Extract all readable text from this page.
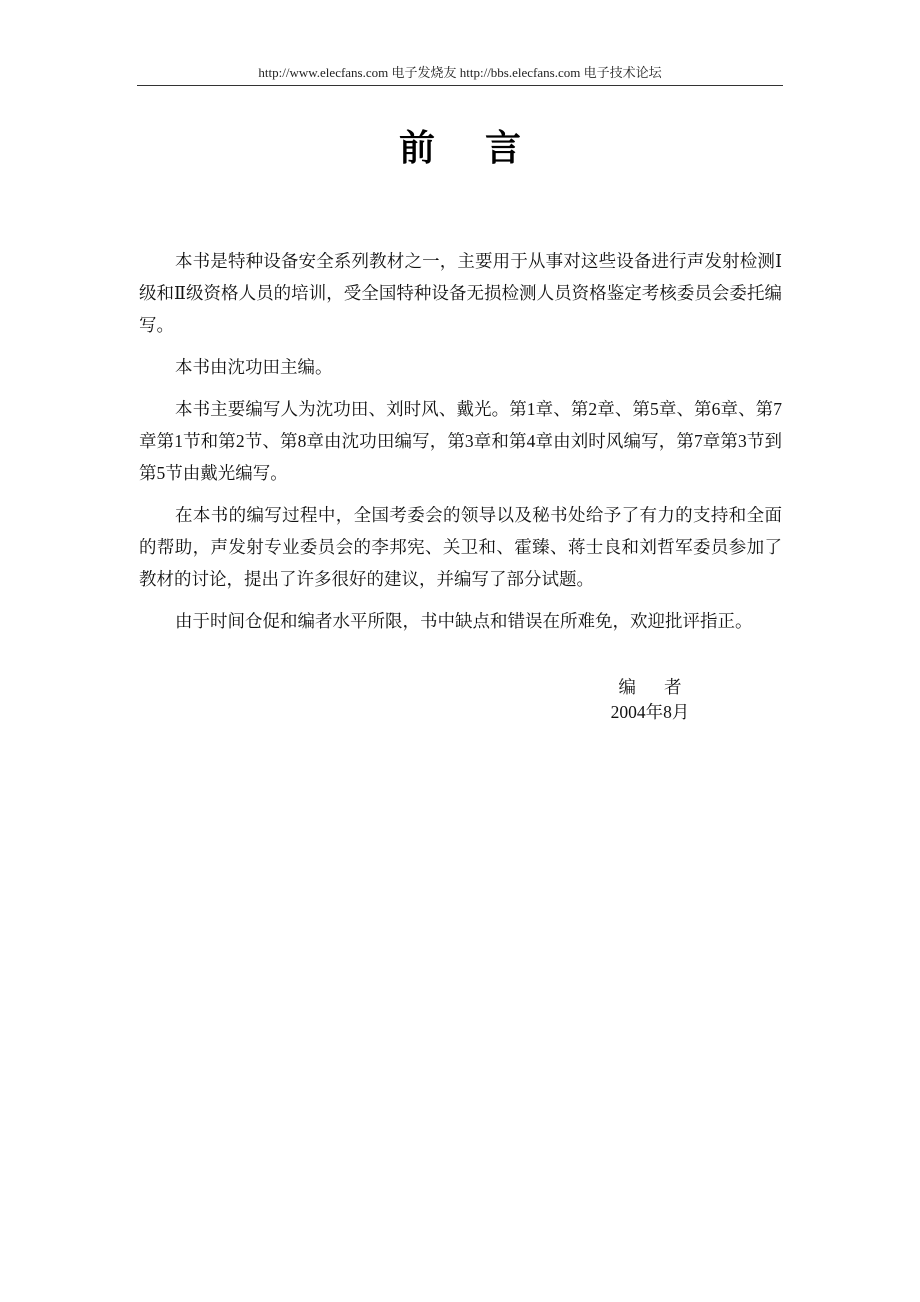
http://www.elecfans.com 电子发烧友 http://bbs.elecfans.com 电子技术论坛
前言

本书是特种设备安全系列教材之一，主要用于从事对这些设备进行声发射检测Ⅰ级和Ⅱ级资格人员的培训，受全国特种设备无损检测人员资格鉴定考核委员会委托编写。

本书由沈功田主编。

本书主要编写人为沈功田、刘时风、戴光。第1章、第2章、第5章、第6章、第7章第1节和第2节、第8章由沈功田编写，第3章和第4章由刘时风编写，第7章第3节到第5节由戴光编写。

在本书的编写过程中，全国考委会的领导以及秘书处给予了有力的支持和全面的帮助，声发射专业委员会的李邦宪、关卫和、霍臻、蒋士良和刘哲军委员参加了教材的讨论，提出了许多很好的建议，并编写了部分试题。

由于时间仓促和编者水平所限，书中缺点和错误在所难免，欢迎批评指正。

编者
2004年8月
